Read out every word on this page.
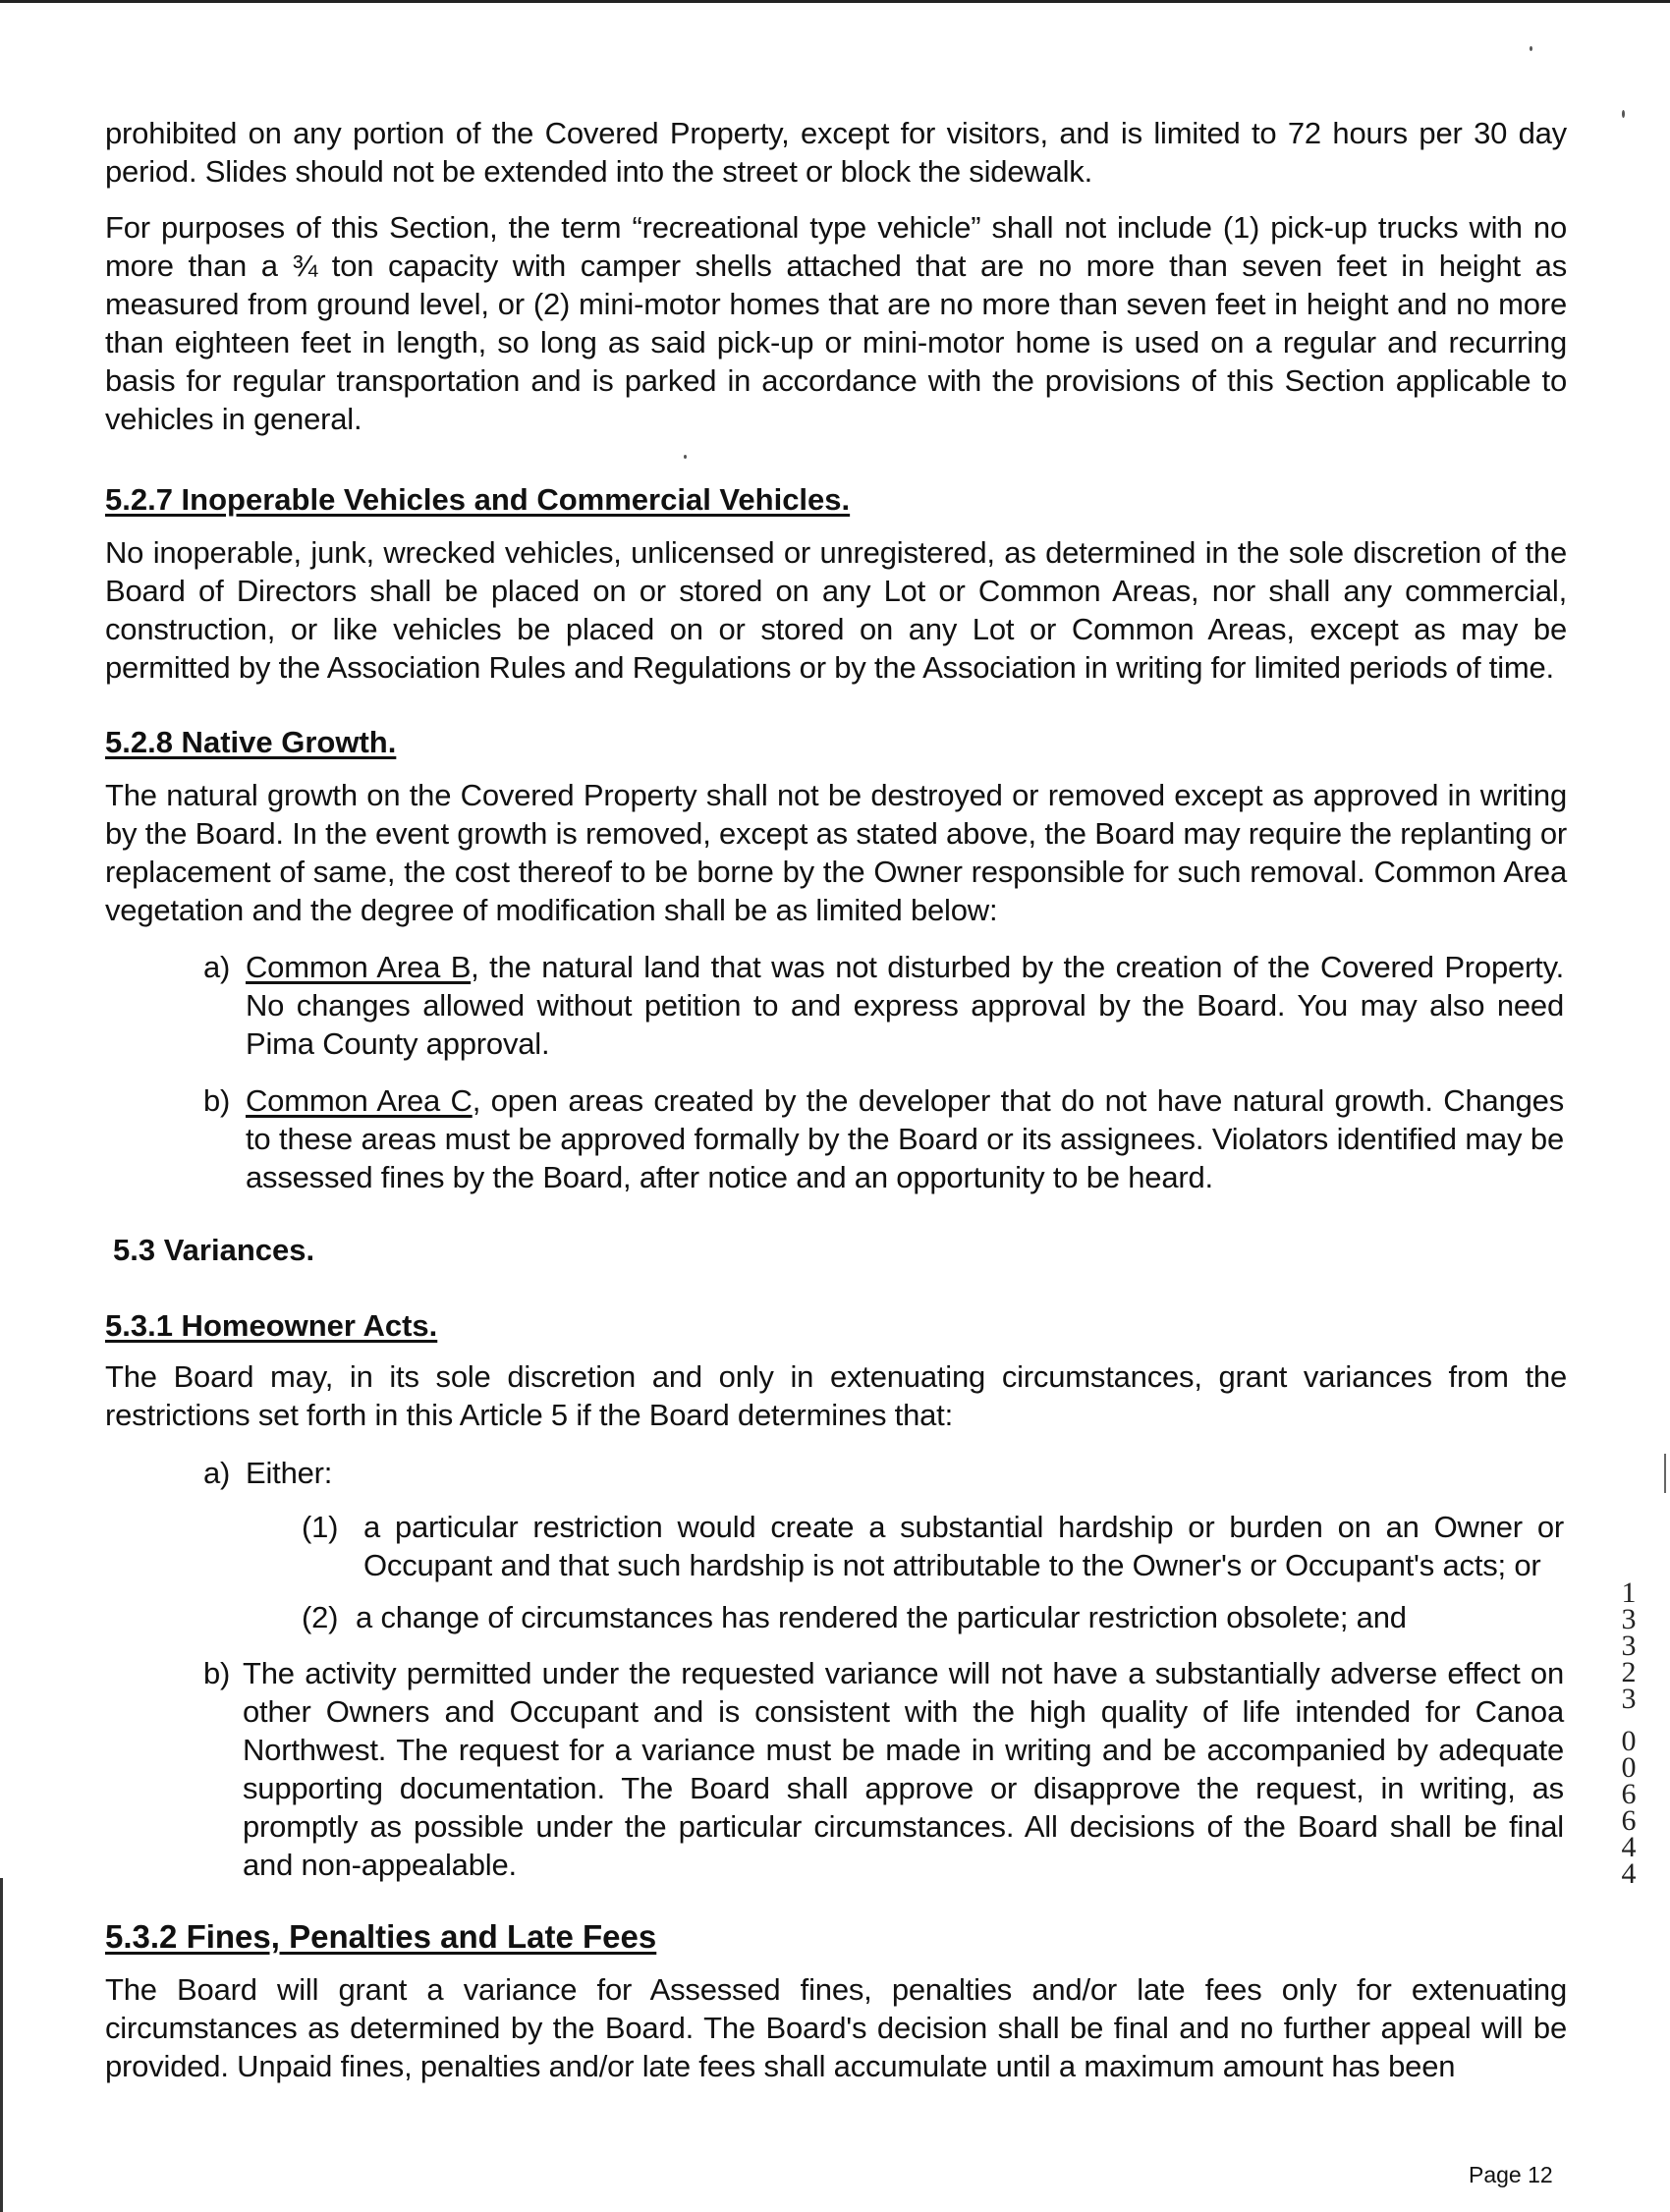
prohibited on any portion of the Covered Property, except for visitors, and is limited to 72 hours per 30 day period. Slides should not be extended into the street or block the sidewalk.

For purposes of this Section, the term “recreational type vehicle” shall not include (1) pick-up trucks with no more than a ¾ ton capacity with camper shells attached that are no more than seven feet in height as measured from ground level, or (2) mini-motor homes that are no more than seven feet in height and no more than eighteen feet in length, so long as said pick-up or mini-motor home is used on a regular and recurring basis for regular transportation and is parked in accordance with the provisions of this Section applicable to vehicles in general.

5.2.7 Inoperable Vehicles and Commercial Vehicles.

No inoperable, junk, wrecked vehicles, unlicensed or unregistered, as determined in the sole discretion of the Board of Directors shall be placed on or stored on any Lot or Common Areas, nor shall any commercial, construction, or like vehicles be placed on or stored on any Lot or Common Areas, except as may be permitted by the Association Rules and Regulations or by the Association in writing for limited periods of time.

5.2.8 Native Growth.

The natural growth on the Covered Property shall not be destroyed or removed except as approved in writing by the Board. In the event growth is removed, except as stated above, the Board may require the replanting or replacement of same, the cost thereof to be borne by the Owner responsible for such removal. Common Area vegetation and the degree of modification shall be as limited below:

a) Common Area B, the natural land that was not disturbed by the creation of the Covered Property. No changes allowed without petition to and express approval by the Board. You may also need Pima County approval.
b) Common Area C, open areas created by the developer that do not have natural growth. Changes to these areas must be approved formally by the Board or its assignees. Violators identified may be assessed fines by the Board, after notice and an opportunity to be heard.
5.3 Variances.
5.3.1 Homeowner Acts.

The Board may, in its sole discretion and only in extenuating circumstances, grant variances from the restrictions set forth in this Article 5 if the Board determines that:

a) Either:
(1) a particular restriction would create a substantial hardship or burden on an Owner or Occupant and that such hardship is not attributable to the Owner's or Occupant's acts; or
(2) a change of circumstances has rendered the particular restriction obsolete; and
b) The activity permitted under the requested variance will not have a substantially adverse effect on other Owners and Occupant and is consistent with the high quality of life intended for Canoa Northwest. The request for a variance must be made in writing and be accompanied by adequate supporting documentation. The Board shall approve or disapprove the request, in writing, as promptly as possible under the particular circumstances. All decisions of the Board shall be final and non-appealable.
5.3.2 Fines, Penalties and Late Fees

The Board will grant a variance for Assessed fines, penalties and/or late fees only for extenuating circumstances as determined by the Board. The Board's decision shall be final and no further appeal will be provided. Unpaid fines, penalties and/or late fees shall accumulate until a maximum amount has been

1
3
3
2
3
0
0
6
6
4
4
Page 12
